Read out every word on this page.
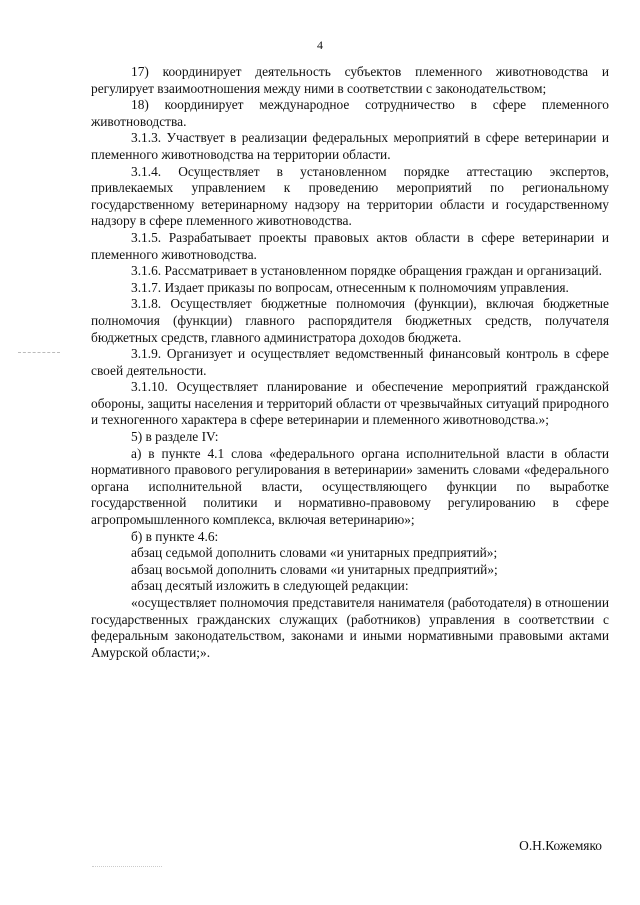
4

17) координирует деятельность субъектов племенного животноводства и регулирует взаимоотношения между ними в соответствии с законодательством;

18) координирует международное сотрудничество в сфере племенного животноводства.

3.1.3. Участвует в реализации федеральных мероприятий в сфере ветеринарии и племенного животноводства на территории области.

3.1.4. Осуществляет в установленном порядке аттестацию экспертов, привлекаемых управлением к проведению мероприятий по региональному государственному ветеринарному надзору на территории области и государственному надзору в сфере племенного животноводства.

3.1.5. Разрабатывает проекты правовых актов области в сфере ветеринарии и племенного животноводства.

3.1.6. Рассматривает в установленном порядке обращения граждан и организаций.

3.1.7. Издает приказы по вопросам, отнесенным к полномочиям управления.

3.1.8. Осуществляет бюджетные полномочия (функции), включая бюджетные полномочия (функции) главного распорядителя бюджетных средств, получателя бюджетных средств, главного администратора доходов бюджета.

3.1.9. Организует и осуществляет ведомственный финансовый контроль в сфере своей деятельности.

3.1.10. Осуществляет планирование и обеспечение мероприятий гражданской обороны, защиты населения и территорий области от чрезвычайных ситуаций природного и техногенного характера в сфере ветеринарии и племенного животноводства.»;

5) в разделе IV:

а) в пункте 4.1 слова «федерального органа исполнительной власти в области нормативного правового регулирования в ветеринарии» заменить словами «федерального органа исполнительной власти, осуществляющего функции по выработке государственной политики и нормативно-правовому регулированию в сфере агропромышленного комплекса, включая ветеринарию»;

б) в пункте 4.6:

абзац седьмой дополнить словами «и унитарных предприятий»;

абзац восьмой дополнить словами «и унитарных предприятий»;

абзац десятый изложить в следующей редакции:

«осуществляет полномочия представителя нанимателя (работодателя) в отношении государственных гражданских служащих (работников) управления в соответствии с федеральным законодательством, законами и иными нормативными правовыми актами Амурской области;».

О.Н.Кожемяко
